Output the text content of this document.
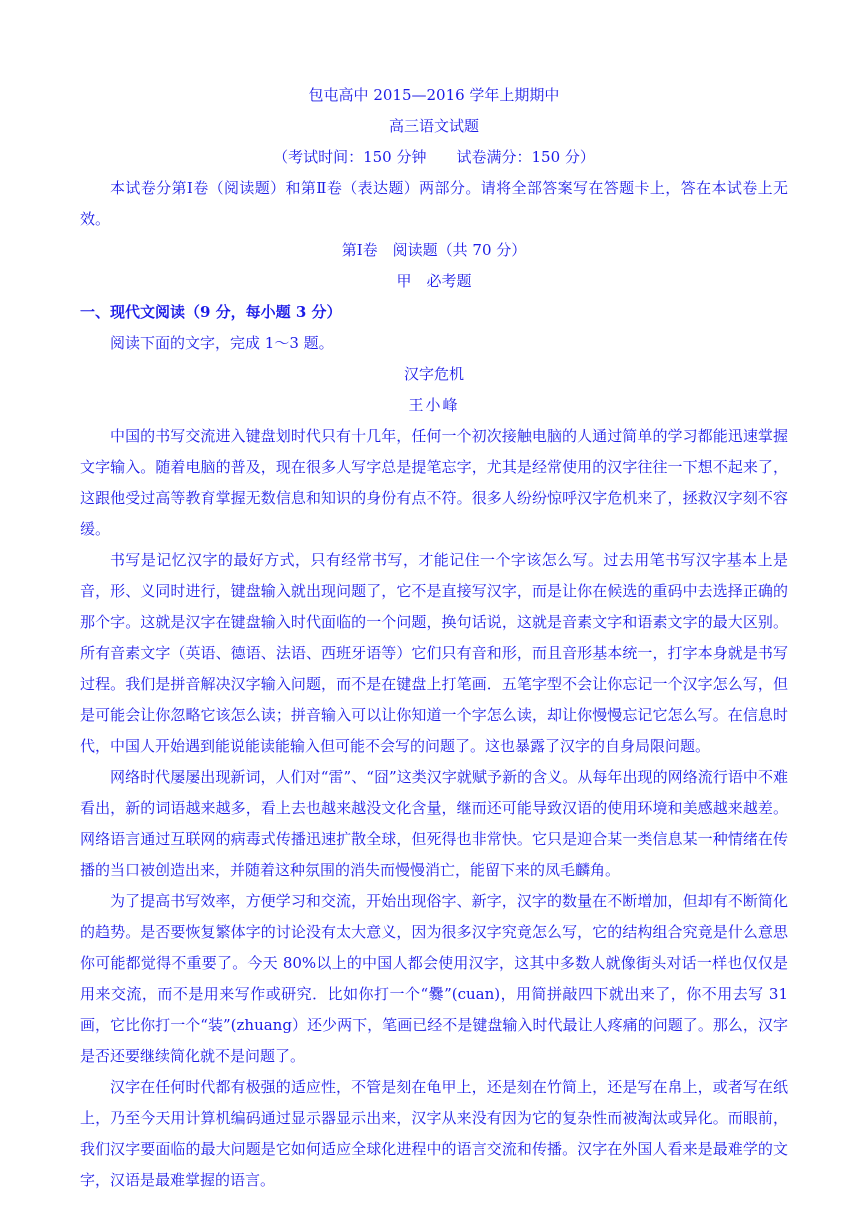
包屯高中 2015—2016 学年上期期中
高三语文试题
（考试时间：150 分钟　　试卷满分：150 分）
本试卷分第Ⅰ卷（阅读题）和第Ⅱ卷（表达题）两部分。请将全部答案写在答题卡上，答在本试卷上无效。
第Ⅰ卷　阅读题（共 70 分）
甲　必考题
一、现代文阅读（9 分，每小题 3 分）
阅读下面的文字，完成 1～3 题。
汉字危机
王小峰
中国的书写交流进入键盘划时代只有十几年，任何一个初次接触电脑的人通过简单的学习都能迅速掌握文字输入。随着电脑的普及，现在很多人写字总是提笔忘字，尤其是经常使用的汉字往往一下想不起来了，这跟他受过高等教育掌握无数信息和知识的身份有点不符。很多人纷纷惊呼汉字危机来了，拯救汉字刻不容缓。
书写是记忆汉字的最好方式，只有经常书写，才能记住一个字该怎么写。过去用笔书写汉字基本上是音，形、义同时进行，键盘输入就出现问题了，它不是直接写汉字，而是让你在候选的重码中去选择正确的那个字。这就是汉字在键盘输入时代面临的一个问题，换句话说，这就是音素文字和语素文字的最大区别。所有音素文字（英语、德语、法语、西班牙语等）它们只有音和形，而且音形基本统一，打字本身就是书写过程。我们是拼音解决汉字输入问题，而不是在键盘上打笔画．五笔字型不会让你忘记一个汉字怎么写，但是可能会让你忽略它该怎么读；拼音输入可以让你知道一个字怎么读，却让你慢慢忘记它怎么写。在信息时代，中国人开始遇到能说能读能输入但可能不会写的问题了。这也暴露了汉字的自身局限问题。
网络时代屡屡出现新词，人们对“雷”、“囧”这类汉字就赋予新的含义。从每年出现的网络流行语中不难看出，新的词语越来越多，看上去也越来越没文化含量，继而还可能导致汉语的使用环境和美感越来越差。网络语言通过互联网的病毒式传播迅速扩散全球，但死得也非常快。它只是迎合某一类信息某一种情绪在传播的当口被创造出来，并随着这种氛围的消失而慢慢消亡，能留下来的凤毛麟角。
为了提高书写效率，方便学习和交流，开始出现俗字、新字，汉字的数量在不断增加，但却有不断简化的趋势。是否要恢复繁体字的讨论没有太大意义，因为很多汉字究竟怎么写，它的结构组合究竟是什么意思你可能都觉得不重要了。今天 80%以上的中国人都会使用汉字，这其中多数人就像街头对话一样也仅仅是用来交流，而不是用来写作或研究．比如你打一个“爨”(cuan)，用简拼敲四下就出来了，你不用去写 31 画，它比你打一个“装”(zhuang）还少两下，笔画已经不是键盘输入时代最让人疼痛的问题了。那么，汉字是否还要继续简化就不是问题了。
汉字在任何时代都有极强的适应性，不管是刻在龟甲上，还是刻在竹简上，还是写在帛上，或者写在纸上，乃至今天用计算机编码通过显示器显示出来，汉字从来没有因为它的复杂性而被淘汰或异化。而眼前，我们汉字要面临的最大问题是它如何适应全球化进程中的语言交流和传播。汉字在外国人看来是最难学的文字，汉语是最难掌握的语言。
